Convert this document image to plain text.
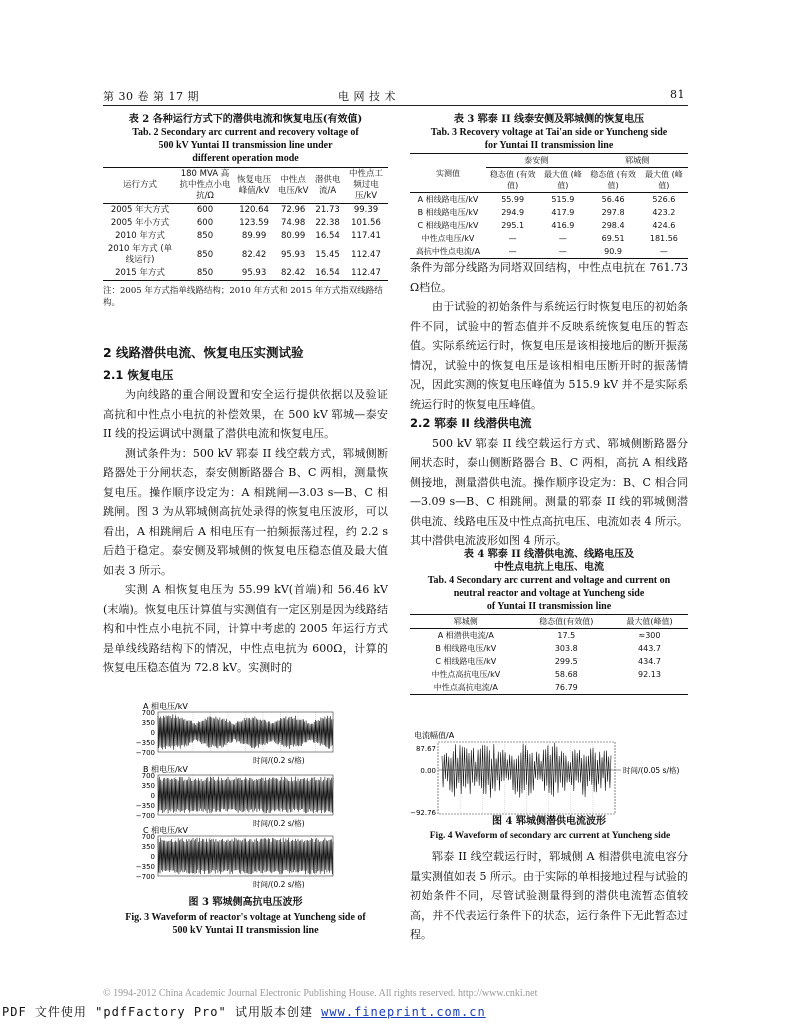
第 30 卷 第 17 期	电 网 技 术	81
表 2 各种运行方式下的潜供电流和恢复电压(有效值)
Tab. 2 Secondary arc current and recovery voltage of
500 kV Yuntai II transmission line under
different operation mode
运行方式	180 MVA 高抗中性点小电抗/Ω	恢复电压峰值/kV	中性点电压/kV	潜供电流/A	中性点工频过电压/kV
2005 年大方式	600	120.64	72.96	21.73	99.39
2005 年小方式	600	123.59	74.98	22.38	101.56
2010 年方式	850	89.99	80.99	16.54	117.41
2010 年方式 (单线运行)	850	82.42	95.93	15.45	112.47
2015 年方式	850	95.93	82.42	16.54	112.47
注：2005 年方式指单线路结构；2010 年方式和 2015 年方式指双线路结构。
2 线路潜供电流、恢复电压实测试验
2.1 恢复电压

为向线路的重合闸设置和安全运行提供依据以及验证高抗和中性点小电抗的补偿效果，在 500 kV 郓城—泰安 II 线的投运调试中测量了潜供电流和恢复电压。

测试条件为：500 kV 郓泰 II 线空载方式，郓城侧断路器处于分闸状态，泰安侧断路器合 B、C 两相，测量恢复电压。操作顺序设定为：A 相跳闸—3.03 s—B、C 相跳闸。图 3 为从郓城侧高抗处录得的恢复电压波形，可以看出，A 相跳闸后 A 相电压有一拍频振荡过程，约 2.2 s 后趋于稳定。泰安侧及郓城侧的恢复电压稳态值及最大值如表 3 所示。

实测 A 相恢复电压为 55.99 kV(首端)和 56.46 kV (末端)。恢复电压计算值与实测值有一定区别是因为线路结构和中性点小电抗不同，计算中考虑的 2005 年运行方式是单线线路结构下的情况，中性点电抗为 600Ω，计算的恢复电压稳态值为 72.8 kV。实测时的

A 相电压/kV
700
350
0
−350
−700
时间/(0.2 s/格)
B 相电压/kV
700
350
0
−350
−700
时间/(0.2 s/格)
C 相电压/kV
700
350
0
−350
−700
时间/(0.2 s/格)
图 3 郓城侧高抗电压波形
Fig. 3 Waveform of reactor's voltage at Yuncheng side of
500 kV Yuntai II transmission line
表 3 郓泰 II 线泰安侧及郓城侧的恢复电压
Tab. 3 Recovery voltage at Tai'an side or Yuncheng side
for Yuntai II transmission line
实测值	泰安侧		郓城侧	
	稳态值 (有效值)	最大值 (峰值)	稳态值 (有效值)	最大值 (峰值)
A 相线路电压/kV	55.99	515.9	56.46	526.6
B 相线路电压/kV	294.9	417.9	297.8	423.2
C 相线路电压/kV	295.1	416.9	298.4	424.6
中性点电压/kV	—	—	69.51	181.56
高抗中性点电流/A	—	—	90.9	—

条件为部分线路为同塔双回结构，中性点电抗在 761.73 Ω档位。

由于试验的初始条件与系统运行时恢复电压的初始条件不同，试验中的暂态值并不反映系统恢复电压的暂态值。实际系统运行时，恢复电压是该相接地后的断开振荡情况，试验中的恢复电压是该相相电压断开时的振荡情况，因此实测的恢复电压峰值为 515.9 kV 并不是实际系统运行时的恢复电压峰值。

2.2 郓泰 II 线潜供电流

500 kV 郓泰 II 线空载运行方式、郓城侧断路器分闸状态时，泰山侧断路器合 B、C 两相，高抗 A 相线路侧接地，测量潜供电流。操作顺序设定为：B、C 相合同—3.09 s—B、C 相跳闸。测量的郓泰 II 线的郓城侧潜供电流、线路电压及中性点高抗电压、电流如表 4 所示。其中潜供电流波形如图 4 所示。

表 4 郓泰 II 线潜供电流、线路电压及
中性点电抗上电压、电流
Tab. 4 Secondary arc current and voltage and current on
neutral reactor and voltage at Yuncheng side
of Yuntai II transmission line
郓城侧	稳态值(有效值)	最大值(峰值)
A 相潜供电流/A	17.5	≈300
B 相线路电压/kV	303.8	443.7
C 相线路电压/kV	299.5	434.7
中性点高抗电压/kV	58.68	92.13
中性点高抗电流/A	76.79	
电流幅值/A
87.67
0.00
−92.76
时间/(0.05 s/格)
图 4 郓城侧潜供电流波形
Fig. 4 Waveform of secondary arc current at Yuncheng side

郓泰 II 线空载运行时，郓城侧 A 相潜供电流电容分量实测值如表 5 所示。由于实际的单相接地过程与试验的初始条件不同，尽管试验测量得到的潜供电流暂态值较高，并不代表运行条件下的状态，运行条件下无此暂态过程。

© 1994-2012 China Academic Journal Electronic Publishing House. All rights reserved. http://www.cnki.net
PDF 文件使用 "pdfFactory Pro" 试用版本创建 www.fineprint.com.cn
